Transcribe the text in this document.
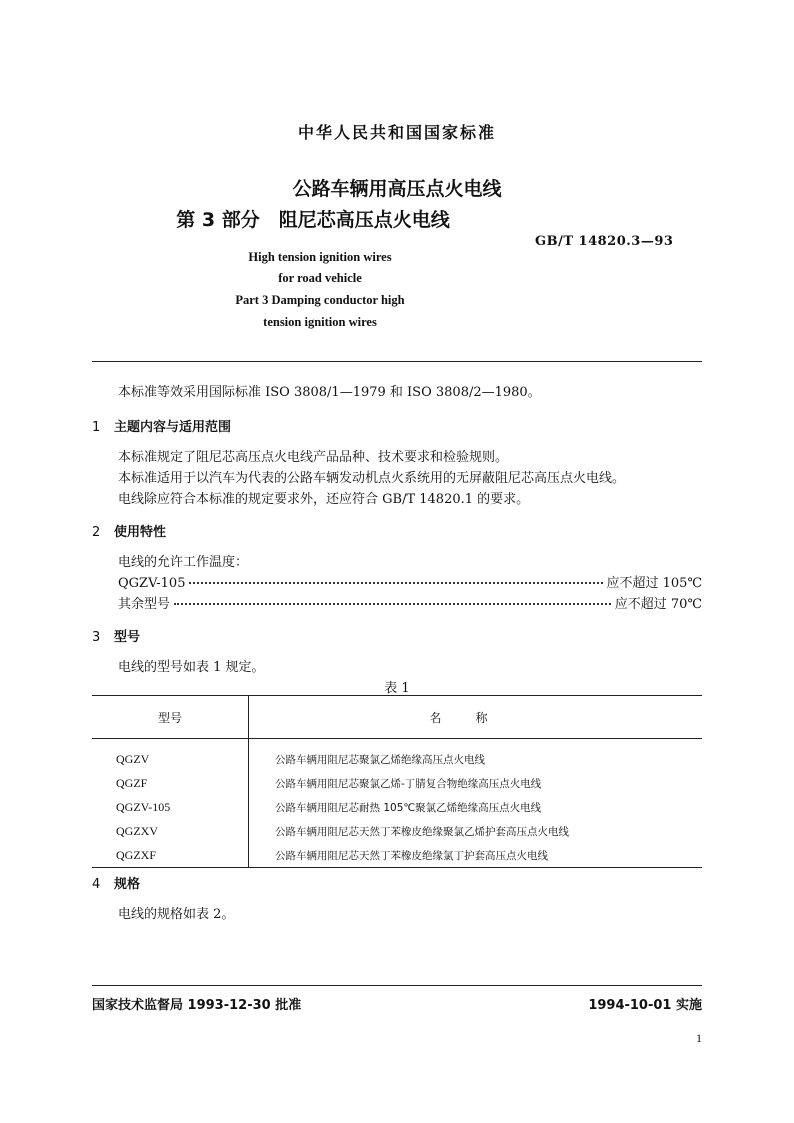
中华人民共和国国家标准
公路车辆用高压点火电线
第 3 部分　阻尼芯高压点火电线
GB/T 14820.3—93
High tension ignition wires
for road vehicle
Part 3 Damping conductor high
tension ignition wires
本标准等效采用国际标准 ISO 3808/1—1979 和 ISO 3808/2—1980。
1 主题内容与适用范围
本标准规定了阻尼芯高压点火电线产品品种、技术要求和检验规则。
本标准适用于以汽车为代表的公路车辆发动机点火系统用的无屏蔽阻尼芯高压点火电线。
电线除应符合本标准的规定要求外，还应符合 GB/T 14820.1 的要求。
2 使用特性
电线的允许工作温度：
QGZV-105	应不超过 105℃
其余型号	应不超过 70℃
3 型号
电线的型号如表 1 规定。
表 1
型号	名称
QGZV	公路车辆用阻尼芯聚氯乙烯绝缘高压点火电线
QGZF	公路车辆用阻尼芯聚氯乙烯-丁腈复合物绝缘高压点火电线
QGZV-105	公路车辆用阻尼芯耐热 105℃聚氯乙烯绝缘高压点火电线
QGZXV	公路车辆用阻尼芯天然丁苯橡皮绝缘聚氯乙烯护套高压点火电线
QGZXF	公路车辆用阻尼芯天然丁苯橡皮绝缘氯丁护套高压点火电线
4 规格
电线的规格如表 2。
国家技术监督局 1993-12-30 批准	1994-10-01 实施
1
